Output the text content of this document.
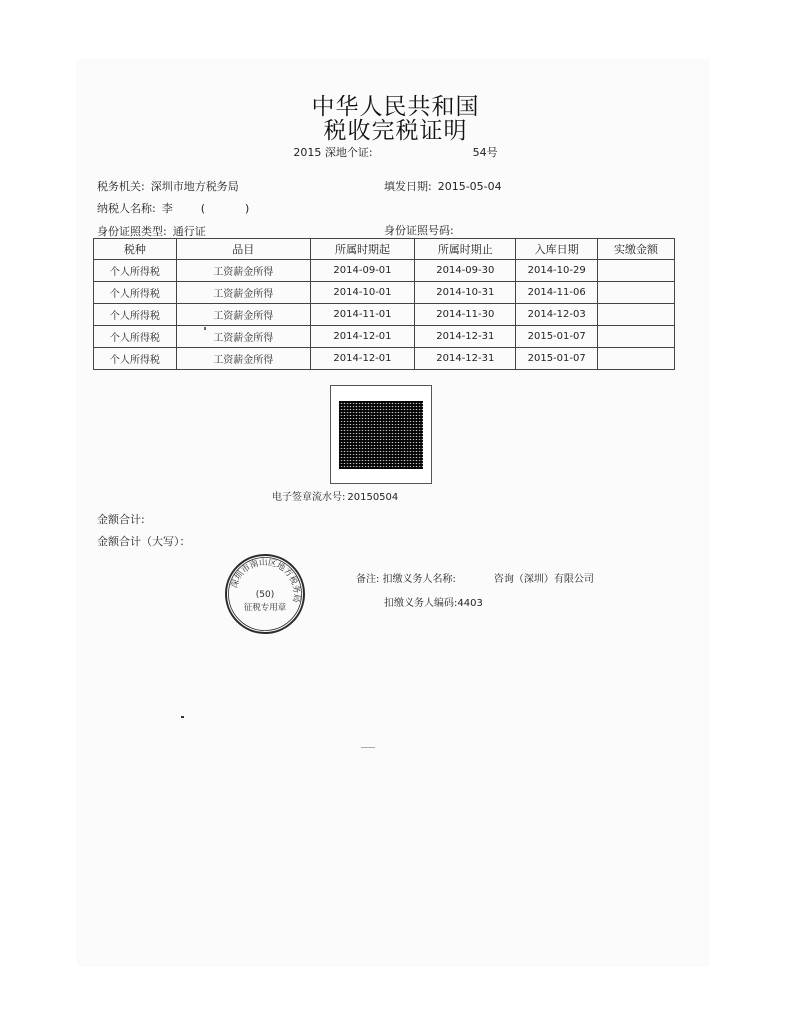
中华人民共和国
税收完税证明
2015 深地个证:	54号
税务机关: 深圳市地方税务局	填发日期: 2015-05-04
纳税人名称: 李	(	)
身份证照类型: 通行证	身份证照号码:
税种	品目	所属时期起	所属时期止	入库日期	实缴金额
个人所得税	工资薪金所得	2014-09-01	2014-09-30	2014-10-29	
个人所得税	工资薪金所得	2014-10-01	2014-10-31	2014-11-06	
个人所得税	工资薪金所得	2014-11-01	2014-11-30	2014-12-03	
个人所得税	工资薪金所得	2014-12-01	2014-12-31	2015-01-07	
个人所得税	工资薪金所得	2014-12-01	2014-12-31	2015-01-07	
电子签章流水号: 20150504
金额合计:
金额合计（大写）：
深圳市南山区地方税务局
(50)
征税专用章
备注: 扣缴义务人名称:	咨询（深圳）有限公司
扣缴义务人编码:4403
